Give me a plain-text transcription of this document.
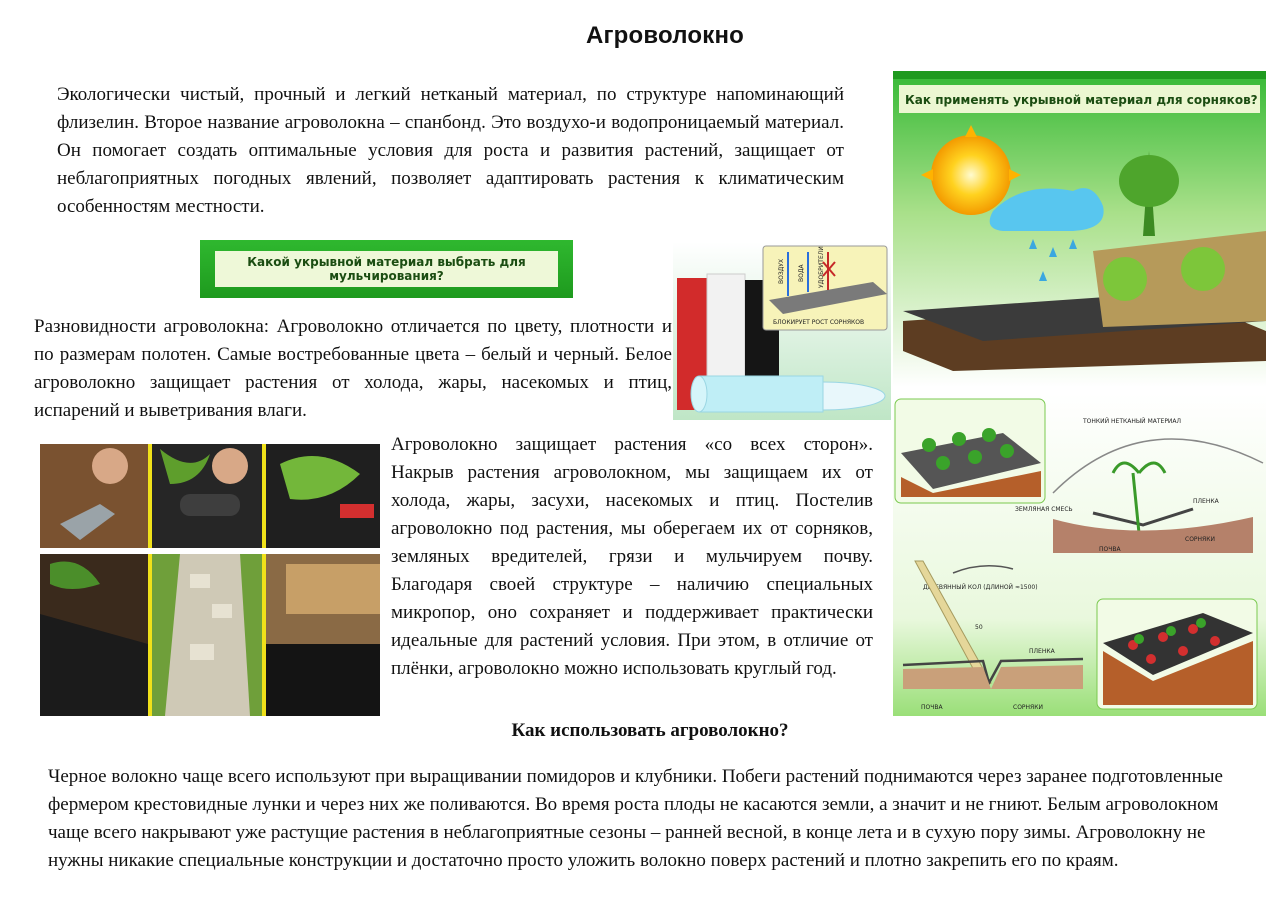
Агроволокно

Экологически чистый, прочный и легкий нетканый материал, по структуре напоминающий флизелин. Второе название агроволокна – спанбонд. Это воздухо-и водопроницаемый материал. Он помогает создать оптимальные условия для роста и развития растений, защищает от неблагоприятных погодных явлений, позволяет адаптировать растения к климатическим особенностям местности.

Какой укрывной материал выбрать для мульчирования?	ВОЗДУХ ВОДА УДОБРИТЕЛИ
БЛОКИРУЕТ РОСТ СОРНЯКОВ

Разновидности агроволокна: Агроволокно отличается по цвету, плотности и по размерам полотен. Самые востребованные цвета – белый и черный. Белое агроволокно защищает растения от холода, жары, насекомых и птиц, испарений и выветривания влаги.

Агроволокно защищает растения «со всех сторон». Накрыв растения агроволокном, мы защищаем их от холода, жары, засухи, насекомых и птиц. Постелив агроволокно под растения, мы оберегаем их от сорняков, земляных вредителей, грязи и мульчируем почву. Благодаря своей структуре – наличию специальных микропор, оно сохраняет и поддерживает практически идеальные для растений условия. При этом, в отличие от плёнки, агроволокно можно использовать круглый год.

Как применять укрывной материал для сорняков?
ТОНКИЙ НЕТКАНЫЙ МАТЕРИАЛ
ЗЕМЛЯНАЯ СМЕСЬ
ПЛЕНКА
ПОЧВА
СОРНЯКИ
ДЕРЕВЯННЫЙ КОЛ (ДЛИНОЙ ≈1500)
50
ПЛЕНКА
ПОЧВА	СОРНЯКИ

Как использовать агроволокно?

Черное волокно чаще всего используют при выращивании помидоров и клубники. Побеги растений поднимаются через заранее подготовленные фермером крестовидные лунки и через них же поливаются. Во время роста плоды не касаются земли, а значит и не гниют. Белым агроволокном чаще всего накрывают уже растущие растения в неблагоприятные сезоны – ранней весной, в конце лета и в сухую пору зимы. Агроволокну не нужны никакие специальные конструкции и достаточно просто уложить волокно поверх растений и плотно закрепить его по краям.
